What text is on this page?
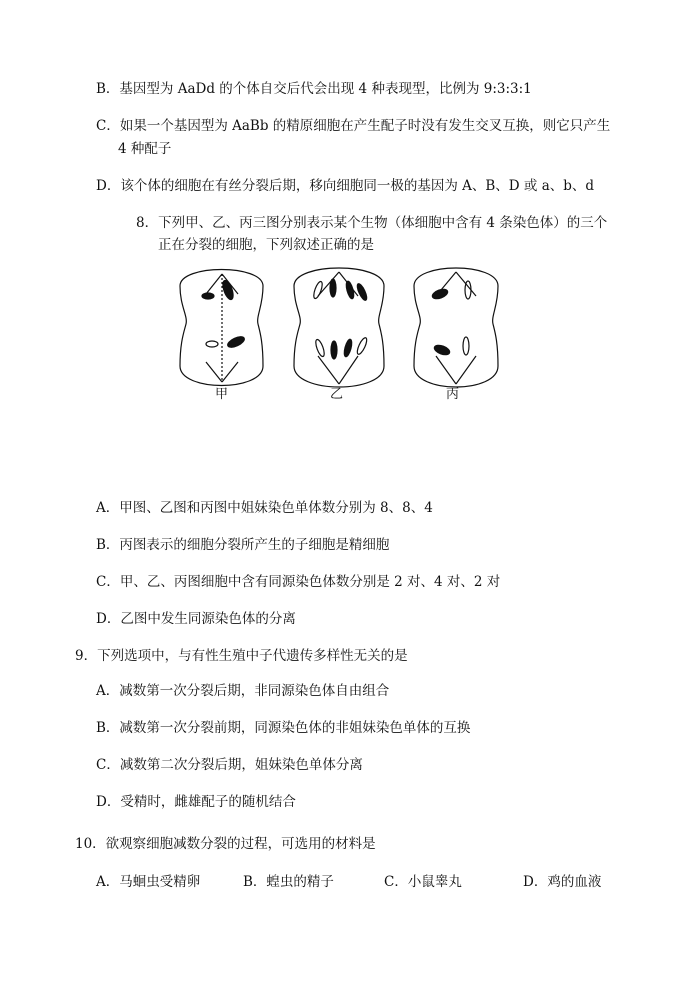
B．基因型为 AaDd 的个体自交后代会出现 4 种表现型，比例为 9:3:3:1
C．如果一个基因型为 AaBb 的精原细胞在产生配子时没有发生交叉互换，则它只产生
4 种配子
D．该个体的细胞在有丝分裂后期，移向细胞同一极的基因为 A、B、D 或 a、b、d
8．下列甲、乙、丙三图分别表示某个生物（体细胞中含有 4 条染色体）的三个
正在分裂的细胞，下列叙述正确的是
甲	乙	丙
A．甲图、乙图和丙图中姐妹染色单体数分别为 8、8、4
B．丙图表示的细胞分裂所产生的子细胞是精细胞
C．甲、乙、丙图细胞中含有同源染色体数分别是 2 对、4 对、2 对
D．乙图中发生同源染色体的分离
9．下列选项中，与有性生殖中子代遗传多样性无关的是
A．减数第一次分裂后期，非同源染色体自由组合
B．减数第一次分裂前期，同源染色体的非姐妹染色单体的互换
C．减数第二次分裂后期，姐妹染色单体分离
D．受精时，雌雄配子的随机结合
10．欲观察细胞减数分裂的过程，可选用的材料是
A．马蛔虫受精卵	B．蝗虫的精子	C．小鼠睾丸	D．鸡的血液
